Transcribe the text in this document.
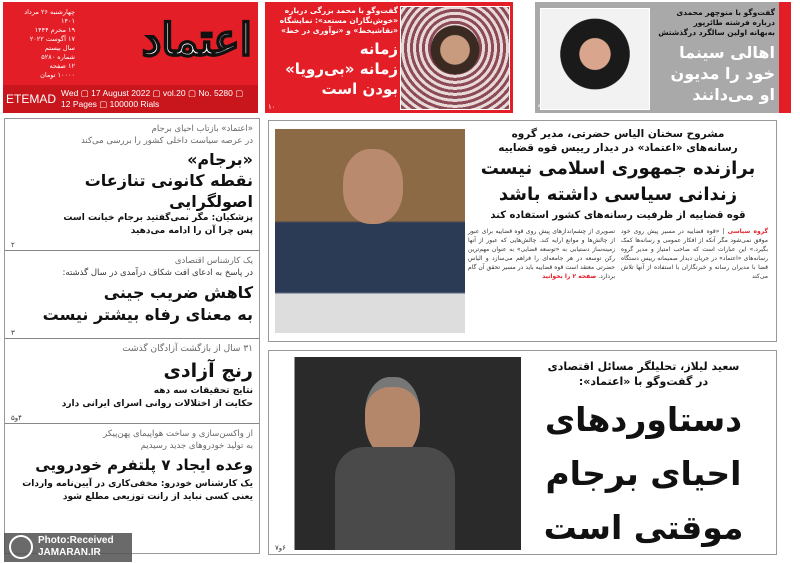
اعتماد
چهارشنبه ۲۶ مرداد ۱۴۰۱
۱۹ محرم ۱۴۴۴
۱۷ آگوست ۲۰۲۲
سال بیستم
شماره ۵۲۸۰
۱۲ صفحه
۱۰۰۰۰ تومان
ETEMAD Wed ▢ 17 August 2022 ▢ vol.20 ▢ No. 5280 ▢ 12 Pages ▢ 100000 Rials
گفت‌وگو با محمد بزرگی درباره «خوش‌نگاران مستعد»: نمایشگاه «نقاشیخط» و «نوآوری در خط»
زمانه
زمانه «بی‌رویا»
بودن است
۱۰
گفت‌وگو با منوچهر محمدی
درباره فرشته طائرپور
به‌بهانه اولین سالگرد درگذشتش
اهالی سینما
خود را مدیون
او می‌دانند
۹
«اعتماد» بازتاب احیای برجام
در عرصه سیاست داخلی کشور را بررسی می‌کند
«برجام»
نقطه کانونی تنازعات اصولگرایی
پزشکیان: مگر نمی‌گفتید برجام خیانت است
پس چرا آن را ادامه می‌دهید
۲
یک کارشناس اقتصادی
در پاسخ به ادعای افت شکاف درآمدی در سال گذشته:
کاهش ضریب جینی
به معنای رفاه بیشتر نیست
۳
۳۱ سال از بازگشت آزادگان گذشت
رنج آزادی
نتایج تحقیقات سه دهه
حکایت از اختلالات روانی اسرای ایرانی دارد
۴و۵
از واکسن‌سازی و ساخت هواپیمای پهن‌پیکر
به تولید خودروهای جدید رسیدیم
وعده ایجاد ۷ پلتفرم خودرویی
یک کارشناس خودرو: مخفی‌کاری در آیین‌نامه واردات
یعنی کسی نباید از رانت توزیعی مطلع شود
مشروح سخنان الیاس حضرتی، مدیر گروه
رسانه‌های «اعتماد» در دیدار رییس قوه قضاییه
برازنده جمهوری اسلامی نیست
زندانی سیاسی داشته باشد
قوه قضاییه از ظرفیت رسانه‌های کشور استفاده کند

گروه سیاسی | «قوه قضاییه در مسیر پیش روی خود موفق نمی‌شود مگر آنکه از افکار عمومی و رسانه‌ها کمک بگیرد.» این عبارات است که صاحب امتیاز و مدیر گروه رسانه‌های «اعتماد» در جریان دیدار صمیمانه رییس دستگاه قضا با مدیران رسانه و خبرنگاران با استفاده از آنها تلاش می‌کند

تصویری از چشم‌اندازهای پیش روی قوه قضاییه برای عبور از چالش‌ها و موانع ارایه کند. چالش‌هایی که عبور از آنها زمینه‌ساز دستیابی به «توسعه قضایی» به عنوان مهم‌ترین رکن توسعه در هر جامعه‌ای را فراهم می‌سازد و الیاس حضرتی معتقد است قوه قضاییه باید در مسیر تحقق آن گام بردارد. صفحه ۲ را بخوانید

سعید لیلاز، تحلیلگر مسائل اقتصادی
در گفت‌وگو با «اعتماد»:
دستاوردهای
احیای برجام
موقتی است
۶و۷
Photo:Received
JAMARAN.IR
